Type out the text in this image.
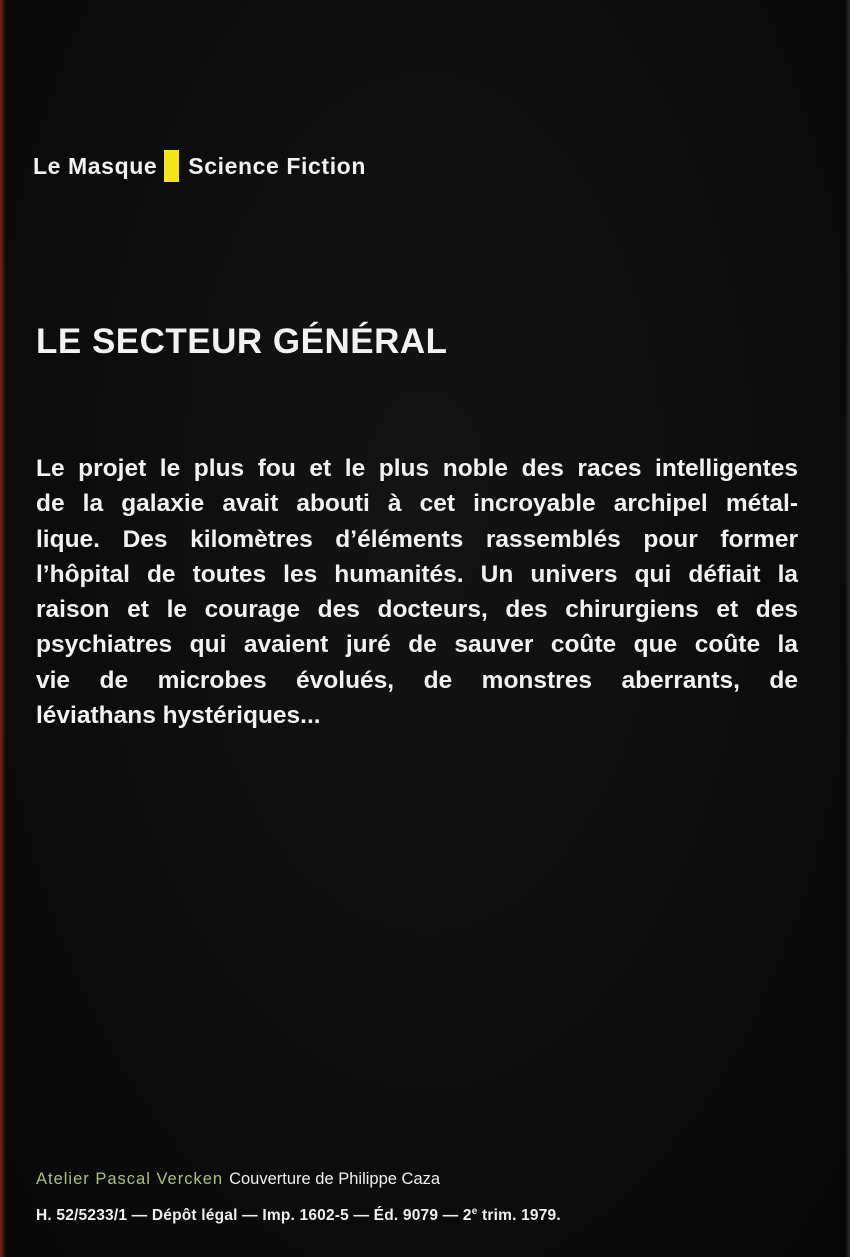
Le Masque Science Fiction
LE SECTEUR GÉNÉRAL

Le projet le plus fou et le plus noble des races intelligentes
de la galaxie avait abouti à cet incroyable archipel métal-
lique. Des kilomètres d’éléments rassemblés pour former
l’hôpital de toutes les humanités. Un univers qui défiait la
raison et le courage des docteurs, des chirurgiens et des
psychiatres qui avaient juré de sauver coûte que coûte la
vie de microbes évolués, de monstres aberrants, de
léviathans hystériques...

Atelier Pascal Vercken Couverture de Philippe Caza
H. 52/5233/1 — Dépôt légal — Imp. 1602-5 — Éd. 9079 — 2e trim. 1979.
